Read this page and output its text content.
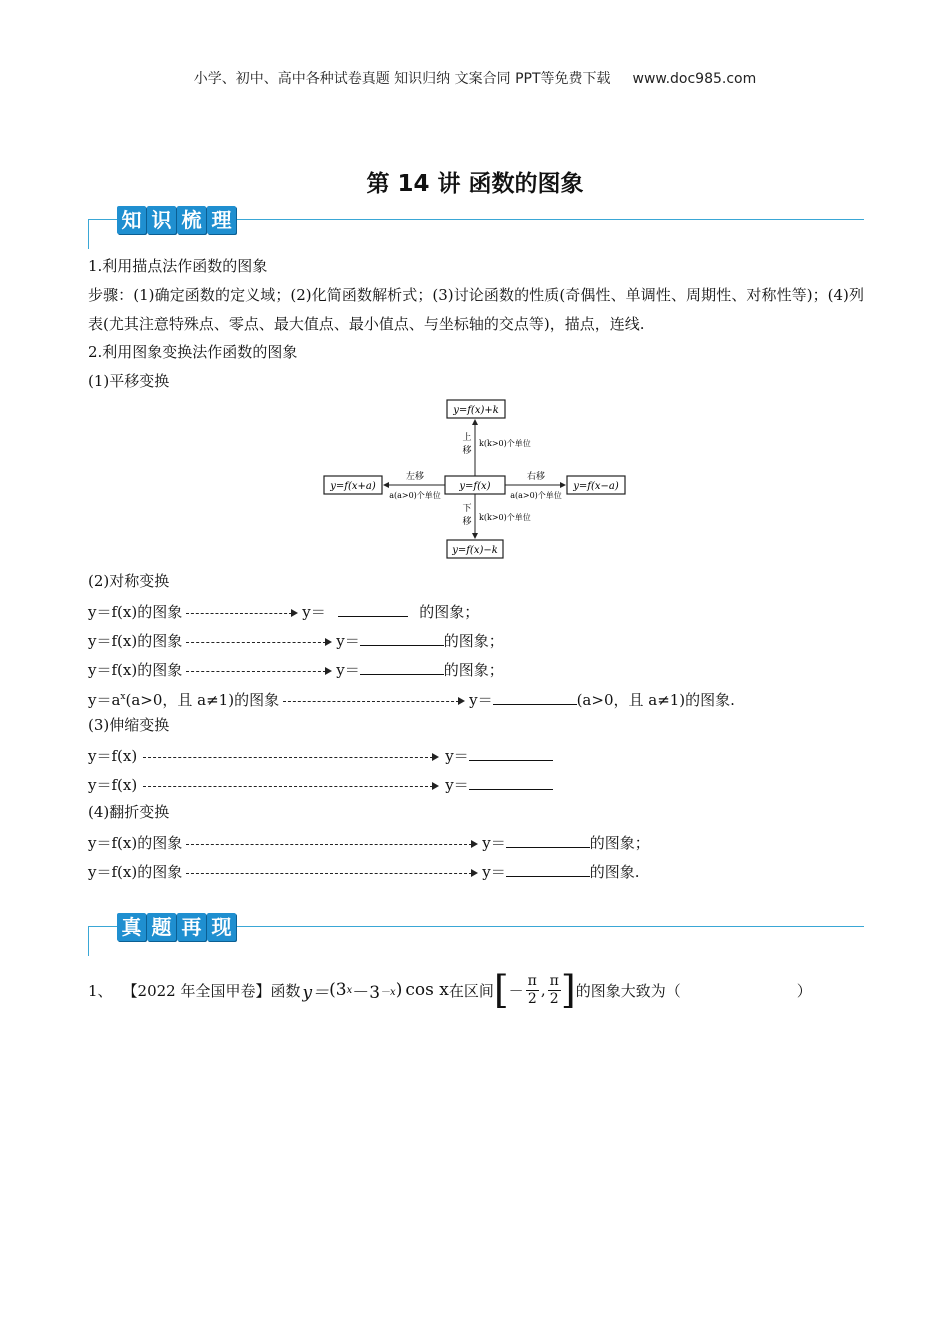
小学、初中、高中各种试卷真题 知识归纳 文案合同 PPT等免费下载 www.doc985.com
第 14 讲 函数的图象
知 识 梳 理
1.利用描点法作函数的图象
步骤：(1)确定函数的定义域；(2)化简函数解析式；(3)讨论函数的性质(奇偶性、单调性、周期性、对称性等)；(4)列表(尤其注意特殊点、零点、最大值点、最小值点、与坐标轴的交点等)，描点，连线.
2.利用图象变换法作函数的图象
(1)平移变换
y=f(x)+k
y=f(x)
y=f(x)−k
y=f(x+a)	y=f(x−a)
上
移
下
移
k(k>0)个单位
k(k>0)个单位
左移
a(a>0)个单位
右移
a(a>0)个单位
(2)对称变换
y＝f(x)的图象	y＝	的图象；
y＝f(x)的图象	y＝	的图象；
y＝f(x)的图象	y＝	的图象；
$y=a^x(a>0$，且 a≠1)的图象	y＝	(a>0，且 a≠1)的图象.
(3)伸缩变换
y＝f(x)	y＝
y＝f(x)	y＝
(4)翻折变换
y＝f(x)的图象	y＝	的图象；
y＝f(x)的图象	y＝	的图象.
真 题 再 现
1、 【2022 年全国甲卷】 函数 y＝ (3 x －3 －x ) cos x 在区间 [ － $\frac{\pi}{2}$ , $\frac{\pi}{2}$ ] 的图象大致为（	）
